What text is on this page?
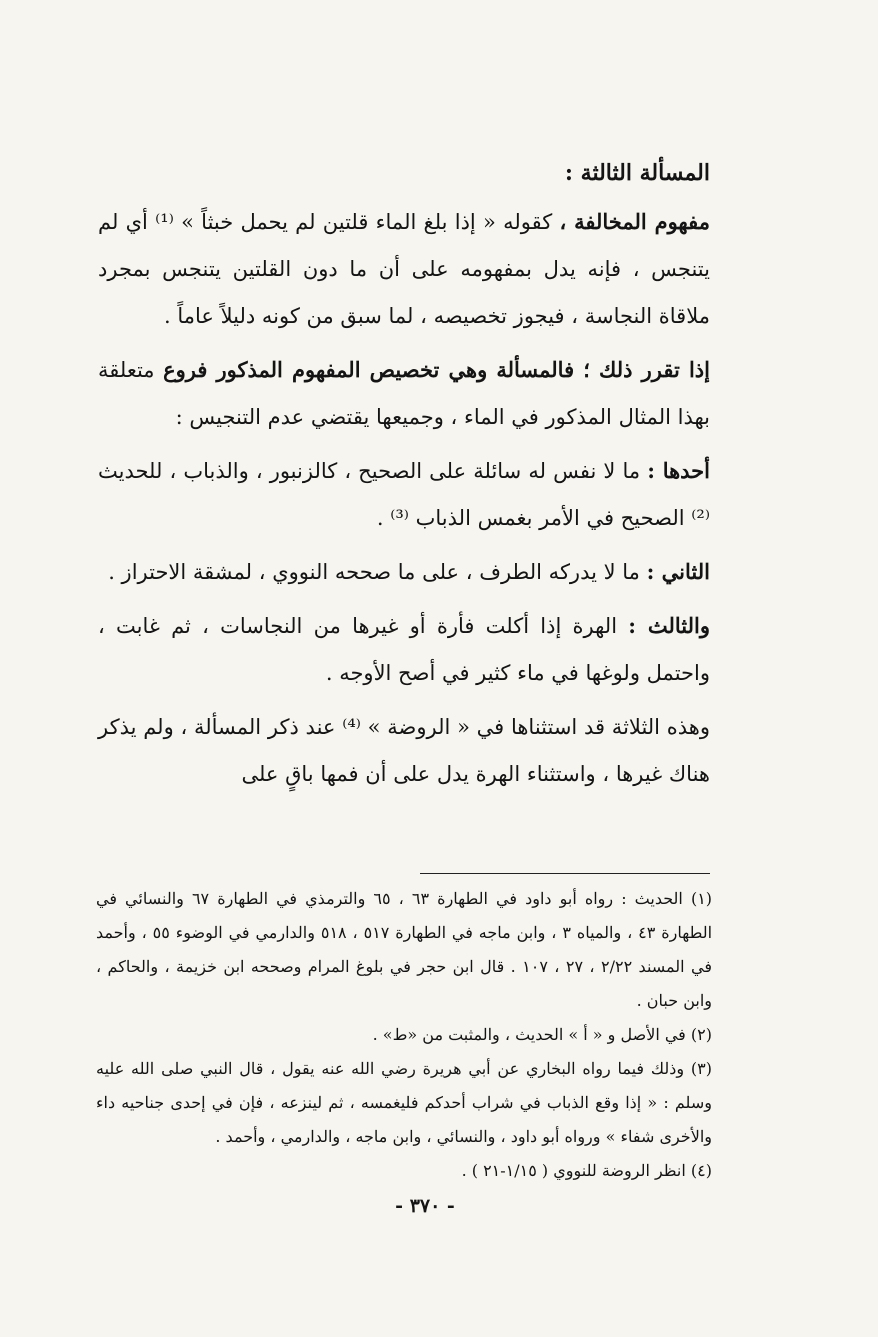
المسألة الثالثة :

مفهوم المخالفة ، كقوله « إذا بلغ الماء قلتين لم يحمل خبثاً » ⁽¹⁾ أي لم يتنجس ، فإنه يدل بمفهومه على أن ما دون القلتين يتنجس بمجرد ملاقاة النجاسة ، فيجوز تخصيصه ، لما سبق من كونه دليلاً عاماً .

إذا تقرر ذلك ؛ فالمسألة وهي تخصيص المفهوم المذكور فروع متعلقة بهذا المثال المذكور في الماء ، وجميعها يقتضي عدم التنجيس :

أحدها : ما لا نفس له سائلة على الصحيح ، كالزنبور ، والذباب ، للحديث ⁽²⁾ الصحيح في الأمر بغمس الذباب ⁽³⁾ .

الثاني : ما لا يدركه الطرف ، على ما صححه النووي ، لمشقة الاحتراز .

والثالث : الهرة إذا أكلت فأرة أو غيرها من النجاسات ، ثم غابت ، واحتمل ولوغها في ماء كثير في أصح الأوجه .

وهذه الثلاثة قد استثناها في « الروضة » ⁽⁴⁾ عند ذكر المسألة ، ولم يذكر هناك غيرها ، واستثناء الهرة يدل على أن فمها باقٍ على

(١) الحديث : رواه أبو داود في الطهارة ٦٣ ، ٦٥ والترمذي في الطهارة ٦٧ والنسائي في الطهارة ٤٣ ، والمياه ٣ ، وابن ماجه في الطهارة ٥١٧ ، ٥١٨ والدارمي في الوضوء ٥٥ ، وأحمد في المسند ٢/٢٢ ، ٢٧ ، ١٠٧ . قال ابن حجر في بلوغ المرام وصححه ابن خزيمة ، والحاكم ، وابن حبان .

(٢) في الأصل و « أ » الحديث ، والمثبت من «ط» .

(٣) وذلك فيما رواه البخاري عن أبي هريرة رضي الله عنه يقول ، قال النبي صلى الله عليه وسلم : « إذا وقع الذباب في شراب أحدكم فليغمسه ، ثم لينزعه ، فإن في إحدى جناحيه داء والأخرى شفاء » ورواه أبو داود ، والنسائي ، وابن ماجه ، والدارمي ، وأحمد .

(٤) انظر الروضة للنووي ( ١/١٥-٢١ ) .

- ٣٧٠ -
